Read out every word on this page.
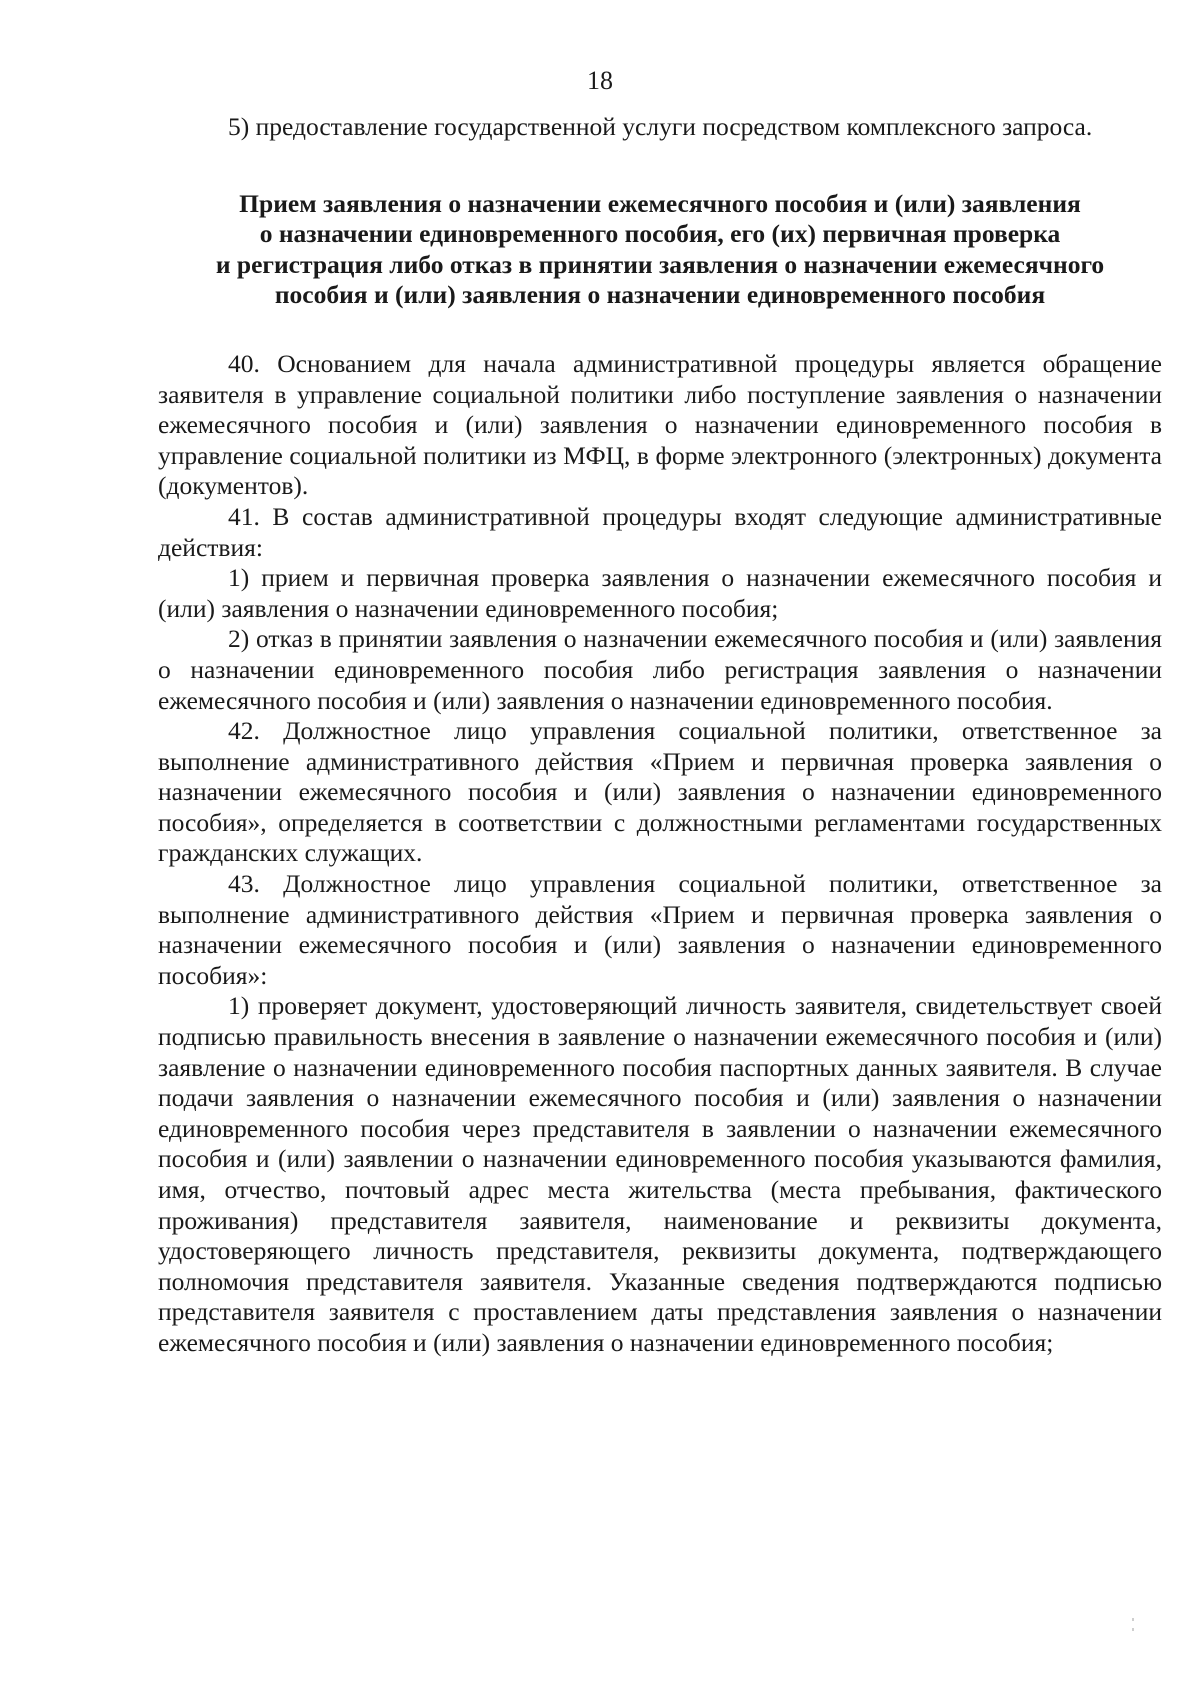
18

5) предоставление государственной услуги посредством комплексного запроса.

Прием заявления о назначении ежемесячного пособия и (или) заявления
о назначении единовременного пособия, его (их) первичная проверка
и регистрация либо отказ в принятии заявления о назначении ежемесячного
пособия и (или) заявления о назначении единовременного пособия

40. Основанием для начала административной процедуры является обращение заявителя в управление социальной политики либо поступление заявления о назначении ежемесячного пособия и (или) заявления о назначении единовременного пособия в управление социальной политики из МФЦ, в форме электронного (электронных) документа (документов).

41. В состав административной процедуры входят следующие административные действия:

1) прием и первичная проверка заявления о назначении ежемесячного пособия и (или) заявления о назначении единовременного пособия;

2) отказ в принятии заявления о назначении ежемесячного пособия и (или) заявления о назначении единовременного пособия либо регистрация заявления о назначении ежемесячного пособия и (или) заявления о назначении единовременного пособия.

42. Должностное лицо управления социальной политики, ответственное за выполнение административного действия «Прием и первичная проверка заявления о назначении ежемесячного пособия и (или) заявления о назначении единовременного пособия», определяется в соответствии с должностными регламентами государственных гражданских служащих.

43. Должностное лицо управления социальной политики, ответственное за выполнение административного действия «Прием и первичная проверка заявления о назначении ежемесячного пособия и (или) заявления о назначении единовременного пособия»:

1) проверяет документ, удостоверяющий личность заявителя, свидетельствует своей подписью правильность внесения в заявление о назначении ежемесячного пособия и (или) заявление о назначении единовременного пособия паспортных данных заявителя. В случае подачи заявления о назначении ежемесячного пособия и (или) заявления о назначении единовременного пособия через представителя в заявлении о назначении ежемесячного пособия и (или) заявлении о назначении единовременного пособия указываются фамилия, имя, отчество, почтовый адрес места жительства (места пребывания, фактического проживания) представителя заявителя, наименование и реквизиты документа, удостоверяющего личность представителя, реквизиты документа, подтверждающего полномочия представителя заявителя. Указанные сведения подтверждаются подписью представителя заявителя с проставлением даты представления заявления о назначении ежемесячного пособия и (или) заявления о назначении единовременного пособия;
